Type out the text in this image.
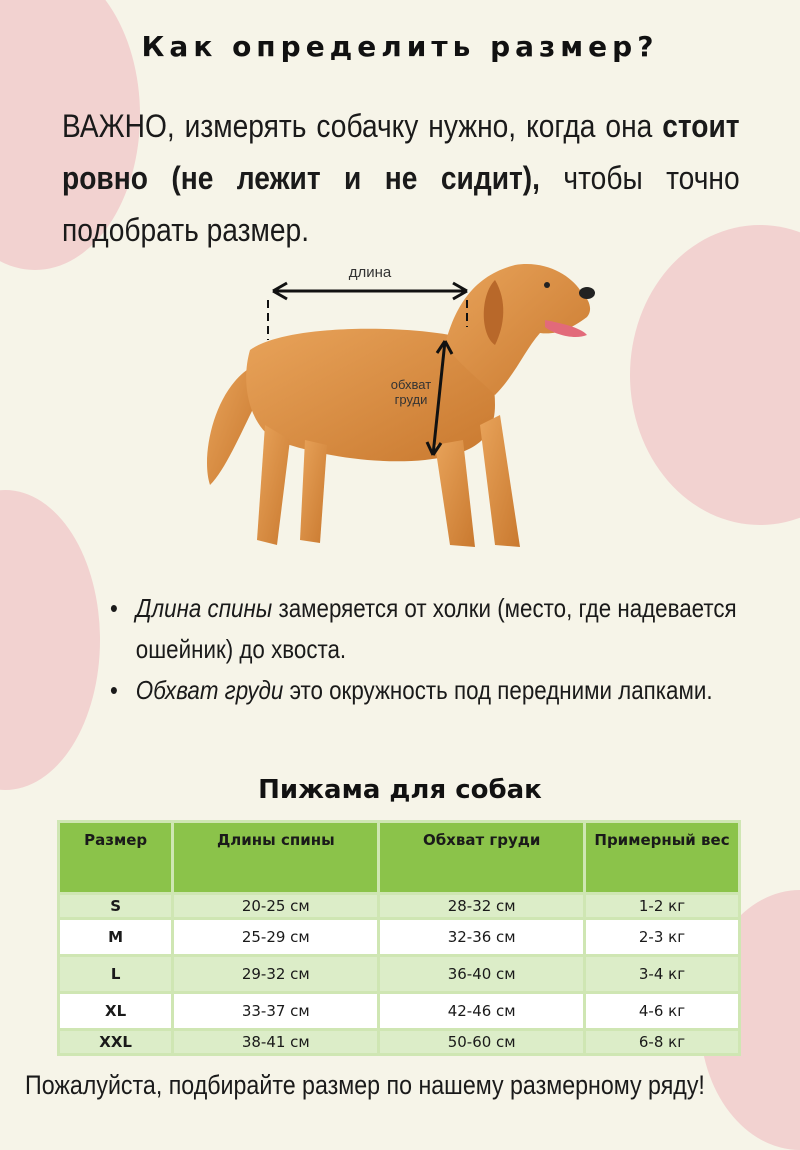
Как определить размер?
ВАЖНО, измерять собачку нужно, когда она стоит ровно (не лежит и не сидит), чтобы точно подобрать размер.
длина
обхват
груди
• Длина спины замеряется от холки (место, где надевается ошейник) до хвоста.
• Обхват груди это окружность под передними лапками.
Пижама для собак
Размер	Длины спины	Обхват груди	Примерный вес
S	20-25 см	28-32 см	1-2 кг
M	25-29 см	32-36 см	2-3 кг
L	29-32 см	36-40 см	3-4 кг
XL	33-37 см	42-46 см	4-6 кг
XXL	38-41 см	50-60 см	6-8 кг
Пожалуйста, подбирайте размер по нашему размерному ряду!
